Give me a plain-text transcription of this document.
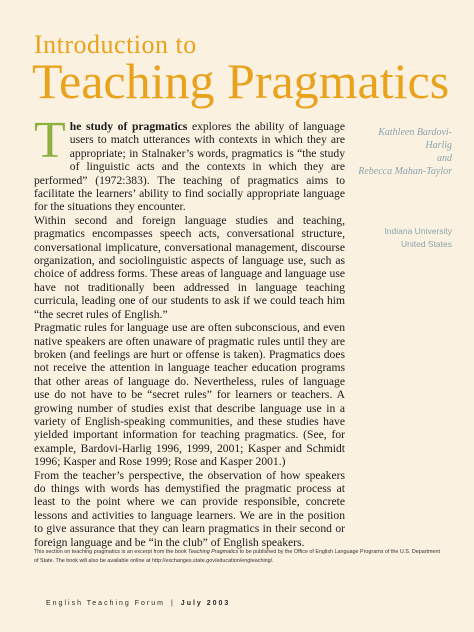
Introduction to
Teaching Pragmatics

The study of pragmatics explores the ability of language users to match utterances with contexts in which they are appropriate; in Stalnaker’s words, pragmatics is “the study of linguistic acts and the contexts in which they are performed” (1972:383). The teaching of pragmatics aims to facilitate the learners’ ability to find socially appropriate language for the situations they encounter.

Within second and foreign language studies and teaching, pragmatics encompasses speech acts, conversational structure, conversational implicature, conversational management, discourse organization, and sociolinguistic aspects of language use, such as choice of address forms. These areas of language and language use have not traditionally been addressed in language teaching curricula, leading one of our students to ask if we could teach him “the secret rules of English.”

Pragmatic rules for language use are often subconscious, and even native speakers are often unaware of pragmatic rules until they are broken (and feelings are hurt or offense is taken). Pragmatics does not receive the attention in language teacher education programs that other areas of language do. Nevertheless, rules of language use do not have to be “secret rules” for learners or teachers. A growing number of studies exist that describe language use in a variety of English-speaking communities, and these studies have yielded important information for teaching pragmatics. (See, for example, Bardovi-Harlig 1996, 1999, 2001; Kasper and Schmidt 1996; Kasper and Rose 1999; Rose and Kasper 2001.)

From the teacher’s perspective, the observation of how speakers do things with words has demystified the pragmatic process at least to the point where we can provide responsible, concrete lessons and activities to language learners. We are in the position to give assurance that they can learn pragmatics in their second or foreign language and be “in the club” of English speakers.

Kathleen Bardovi-Harlig
and
Rebecca Mahan-Taylor
Indiana University
United States
This section on teaching pragmatics is an excerpt from the book Teaching Pragmatics to be published by the Office of English Language Programs of the U.S. Department of State. The book will also be available online at http://exchanges.state.gov/education/engteaching/.
English Teaching Forum | July 2003
